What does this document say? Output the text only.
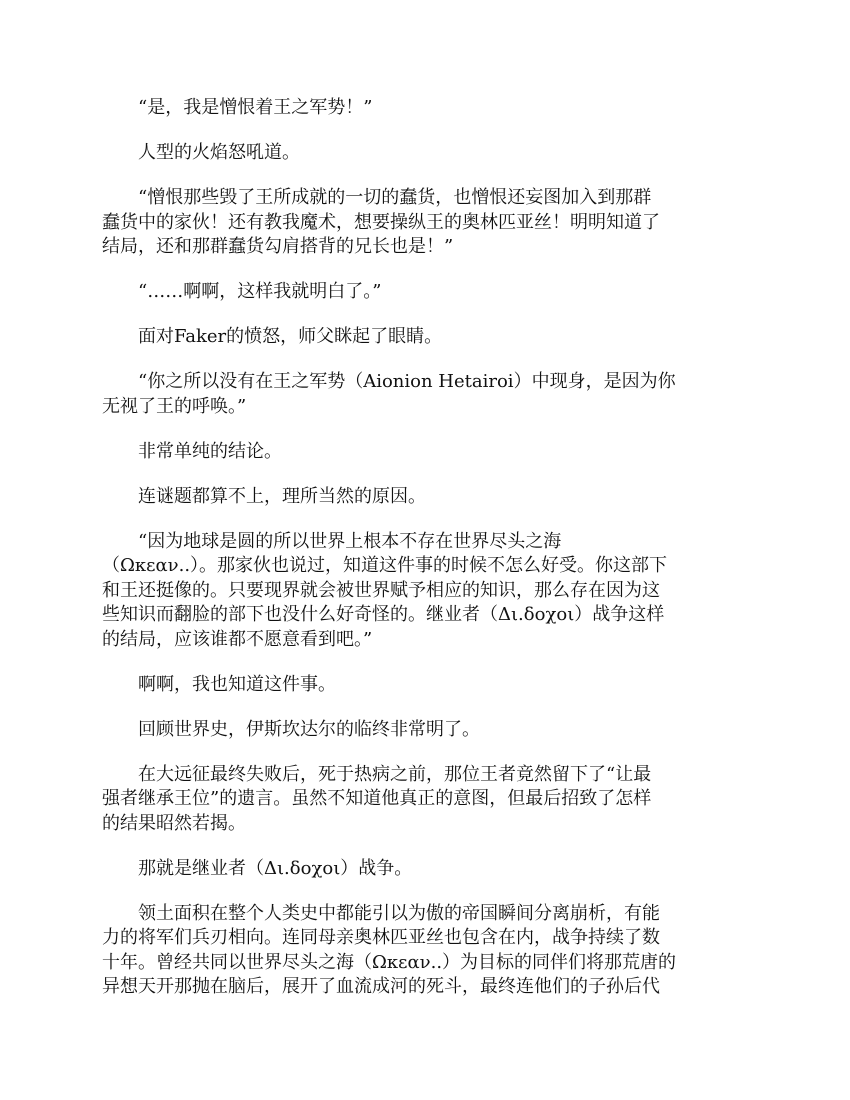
“是，我是憎恨着王之军势！”

人型的火焰怒吼道。

“憎恨那些毁了王所成就的一切的蠢货，也憎恨还妄图加入到那群
蠢货中的家伙！还有教我魔术，想要操纵王的奥林匹亚丝！明明知道了
结局，还和那群蠢货勾肩搭背的兄长也是！”

“……啊啊，这样我就明白了。”

面对Faker的愤怒，师父眯起了眼睛。

“你之所以没有在王之军势（Aionion Hetairoi）中现身，是因为你
无视了王的呼唤。”

非常单纯的结论。

连谜题都算不上，理所当然的原因。

“因为地球是圆的所以世界上根本不存在世界尽头之海
（Ωκεαν..）。那家伙也说过，知道这件事的时候不怎么好受。你这部下
和王还挺像的。只要现界就会被世界赋予相应的知识，那么存在因为这
些知识而翻脸的部下也没什么好奇怪的。继业者（Δι.δοχοι）战争这样
的结局，应该谁都不愿意看到吧。”

啊啊，我也知道这件事。

回顾世界史，伊斯坎达尔的临终非常明了。

在大远征最终失败后，死于热病之前，那位王者竟然留下了“让最
强者继承王位”的遗言。虽然不知道他真正的意图，但最后招致了怎样
的结果昭然若揭。

那就是继业者（Δι.δοχοι）战争。

领土面积在整个人类史中都能引以为傲的帝国瞬间分离崩析，有能
力的将军们兵刃相向。连同母亲奥林匹亚丝也包含在内，战争持续了数
十年。曾经共同以世界尽头之海（Ωκεαν..）为目标的同伴们将那荒唐的
异想天开那抛在脑后，展开了血流成河的死斗，最终连他们的子孙后代
